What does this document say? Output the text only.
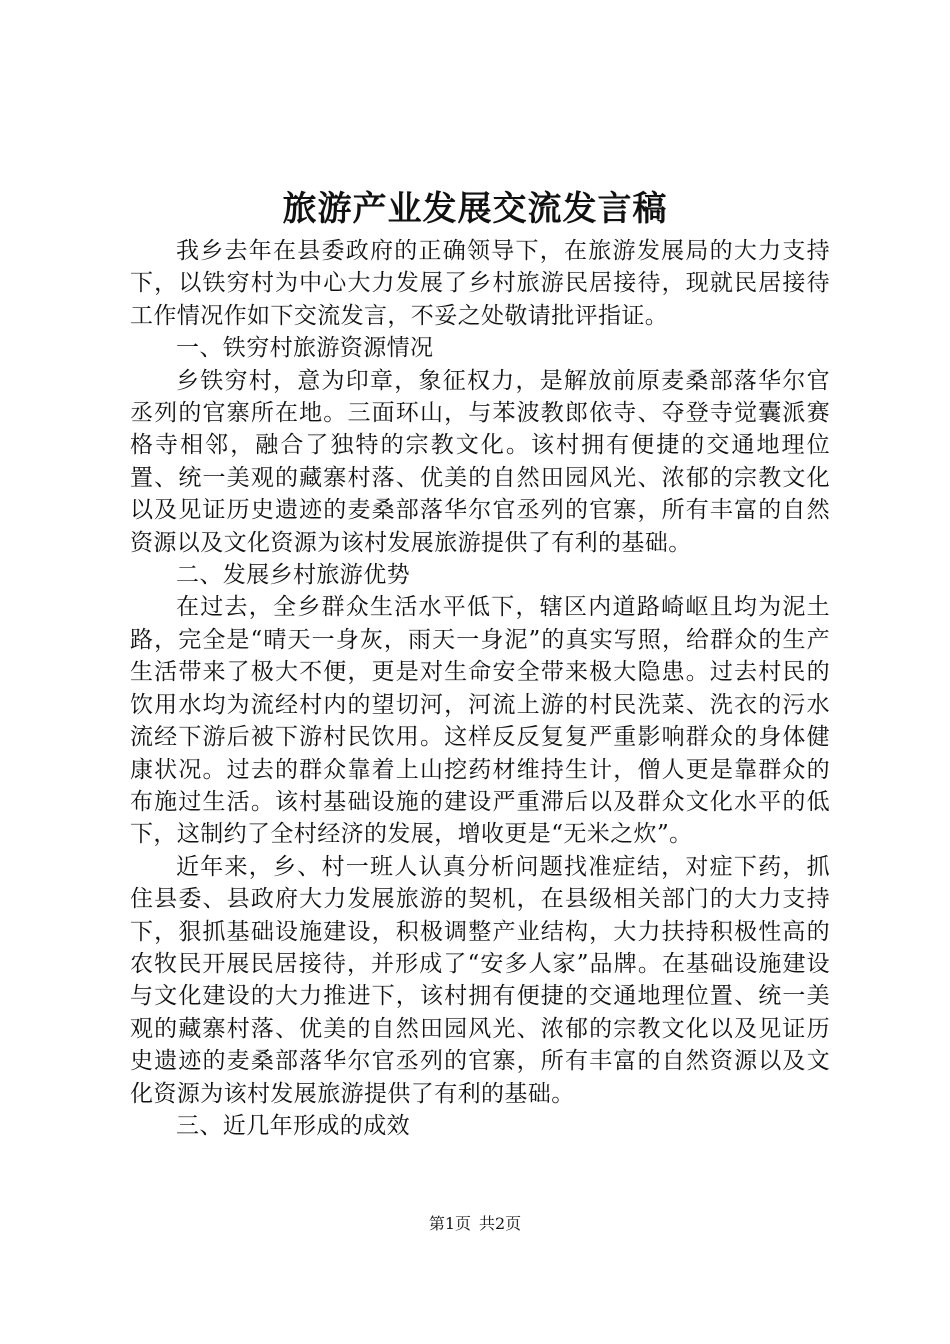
旅游产业发展交流发言稿

我乡去年在县委政府的正确领导下，在旅游发展局的大力支持下，以铁穷村为中心大力发展了乡村旅游民居接待，现就民居接待工作情况作如下交流发言，不妥之处敬请批评指证。

一、铁穷村旅游资源情况

乡铁穷村，意为印章，象征权力，是解放前原麦桑部落华尔官丞列的官寨所在地。三面环山，与苯波教郎依寺、夺登寺觉囊派赛格寺相邻，融合了独特的宗教文化。该村拥有便捷的交通地理位置、统一美观的藏寨村落、优美的自然田园风光、浓郁的宗教文化以及见证历史遗迹的麦桑部落华尔官丞列的官寨，所有丰富的自然资源以及文化资源为该村发展旅游提供了有利的基础。

二、发展乡村旅游优势

在过去，全乡群众生活水平低下，辖区内道路崎岖且均为泥土路，完全是“晴天一身灰，雨天一身泥”的真实写照，给群众的生产生活带来了极大不便，更是对生命安全带来极大隐患。过去村民的饮用水均为流经村内的望切河，河流上游的村民洗菜、洗衣的污水流经下游后被下游村民饮用。这样反反复复严重影响群众的身体健康状况。过去的群众靠着上山挖药材维持生计，僧人更是靠群众的布施过生活。该村基础设施的建设严重滞后以及群众文化水平的低下，这制约了全村经济的发展，增收更是“无米之炊”。

近年来，乡、村一班人认真分析问题找准症结，对症下药，抓住县委、县政府大力发展旅游的契机，在县级相关部门的大力支持下，狠抓基础设施建设，积极调整产业结构，大力扶持积极性高的农牧民开展民居接待，并形成了“安多人家”品牌。在基础设施建设与文化建设的大力推进下，该村拥有便捷的交通地理位置、统一美观的藏寨村落、优美的自然田园风光、浓郁的宗教文化以及见证历史遗迹的麦桑部落华尔官丞列的官寨，所有丰富的自然资源以及文化资源为该村发展旅游提供了有利的基础。

三、近几年形成的成效

第1页 共2页
